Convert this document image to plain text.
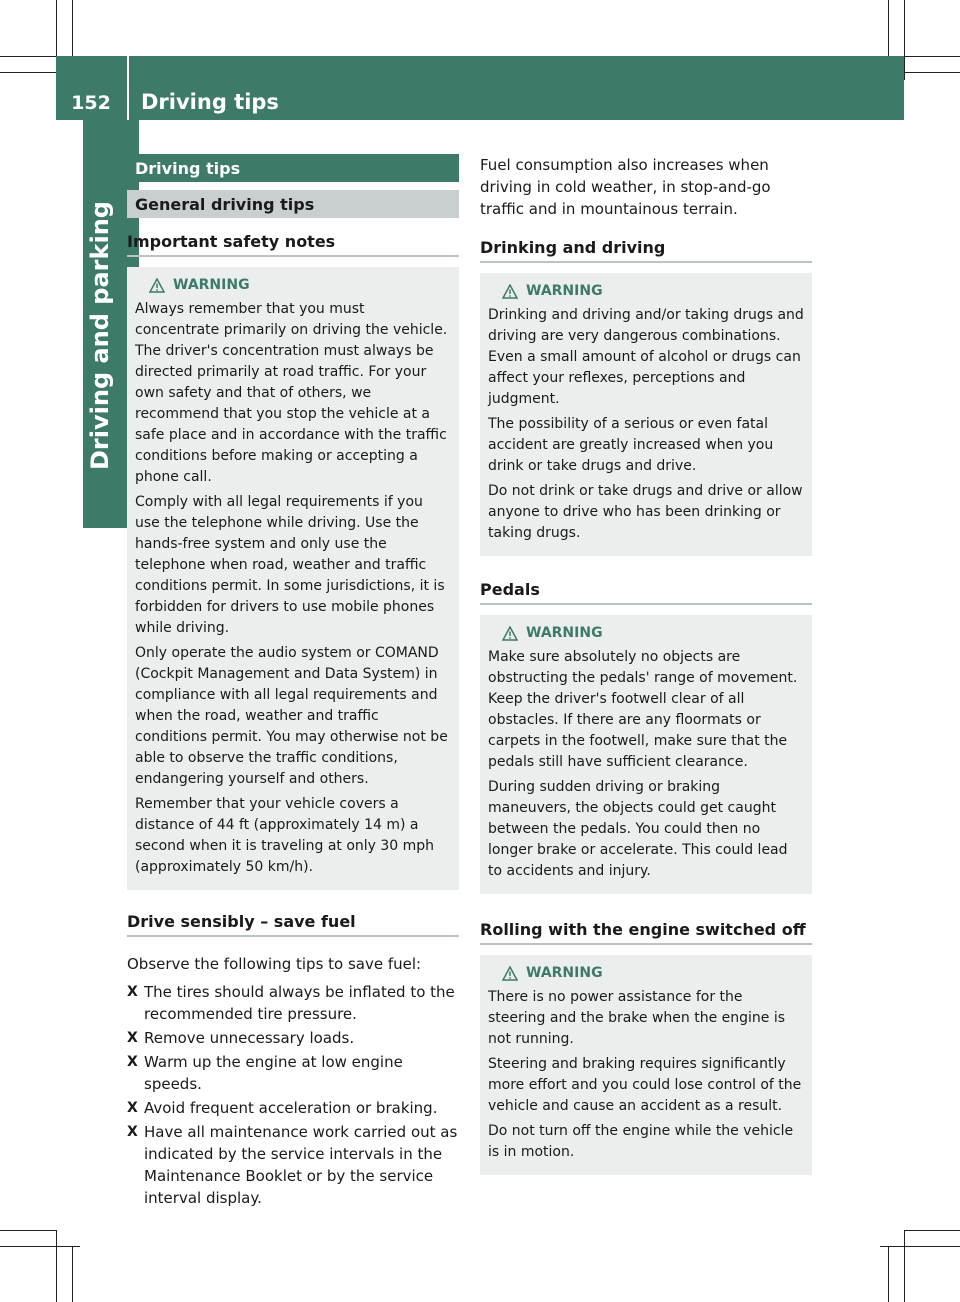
152	Driving tips
Driving and parking
Driving tips
General driving tips
Important safety notes
WARNING

Always remember that you must concentrate primarily on driving the vehicle. The driver's concentration must always be directed primarily at road traffic. For your own safety and that of others, we recommend that you stop the vehicle at a safe place and in accordance with the traffic conditions before making or accepting a phone call.

Comply with all legal requirements if you use the telephone while driving. Use the hands-free system and only use the telephone when road, weather and traffic conditions permit. In some jurisdictions, it is forbidden for drivers to use mobile phones while driving.

Only operate the audio system or COMAND (Cockpit Management and Data System) in compliance with all legal requirements and when the road, weather and traffic conditions permit. You may otherwise not be able to observe the traffic conditions, endangering yourself and others.

Remember that your vehicle covers a distance of 44 ft (approximately 14 m) a second when it is traveling at only 30 mph (approximately 50 km/h).

Drive sensibly – save fuel
Observe the following tips to save fuel:
X The tires should always be inflated to the recommended tire pressure.
X Remove unnecessary loads.
X Warm up the engine at low engine speeds.
X Avoid frequent acceleration or braking.
X Have all maintenance work carried out as indicated by the service intervals in the Maintenance Booklet or by the service interval display.
Fuel consumption also increases when driving in cold weather, in stop-and-go traffic and in mountainous terrain.
Drinking and driving
WARNING

Drinking and driving and/or taking drugs and driving are very dangerous combinations. Even a small amount of alcohol or drugs can affect your reflexes, perceptions and judgment.

The possibility of a serious or even fatal accident are greatly increased when you drink or take drugs and drive.

Do not drink or take drugs and drive or allow anyone to drive who has been drinking or taking drugs.

Pedals
WARNING

Make sure absolutely no objects are obstructing the pedals' range of movement. Keep the driver's footwell clear of all obstacles. If there are any floormats or carpets in the footwell, make sure that the pedals still have sufficient clearance.

During sudden driving or braking maneuvers, the objects could get caught between the pedals. You could then no longer brake or accelerate. This could lead to accidents and injury.

Rolling with the engine switched off
WARNING

There is no power assistance for the steering and the brake when the engine is not running.

Steering and braking requires significantly more effort and you could lose control of the vehicle and cause an accident as a result.

Do not turn off the engine while the vehicle is in motion.
